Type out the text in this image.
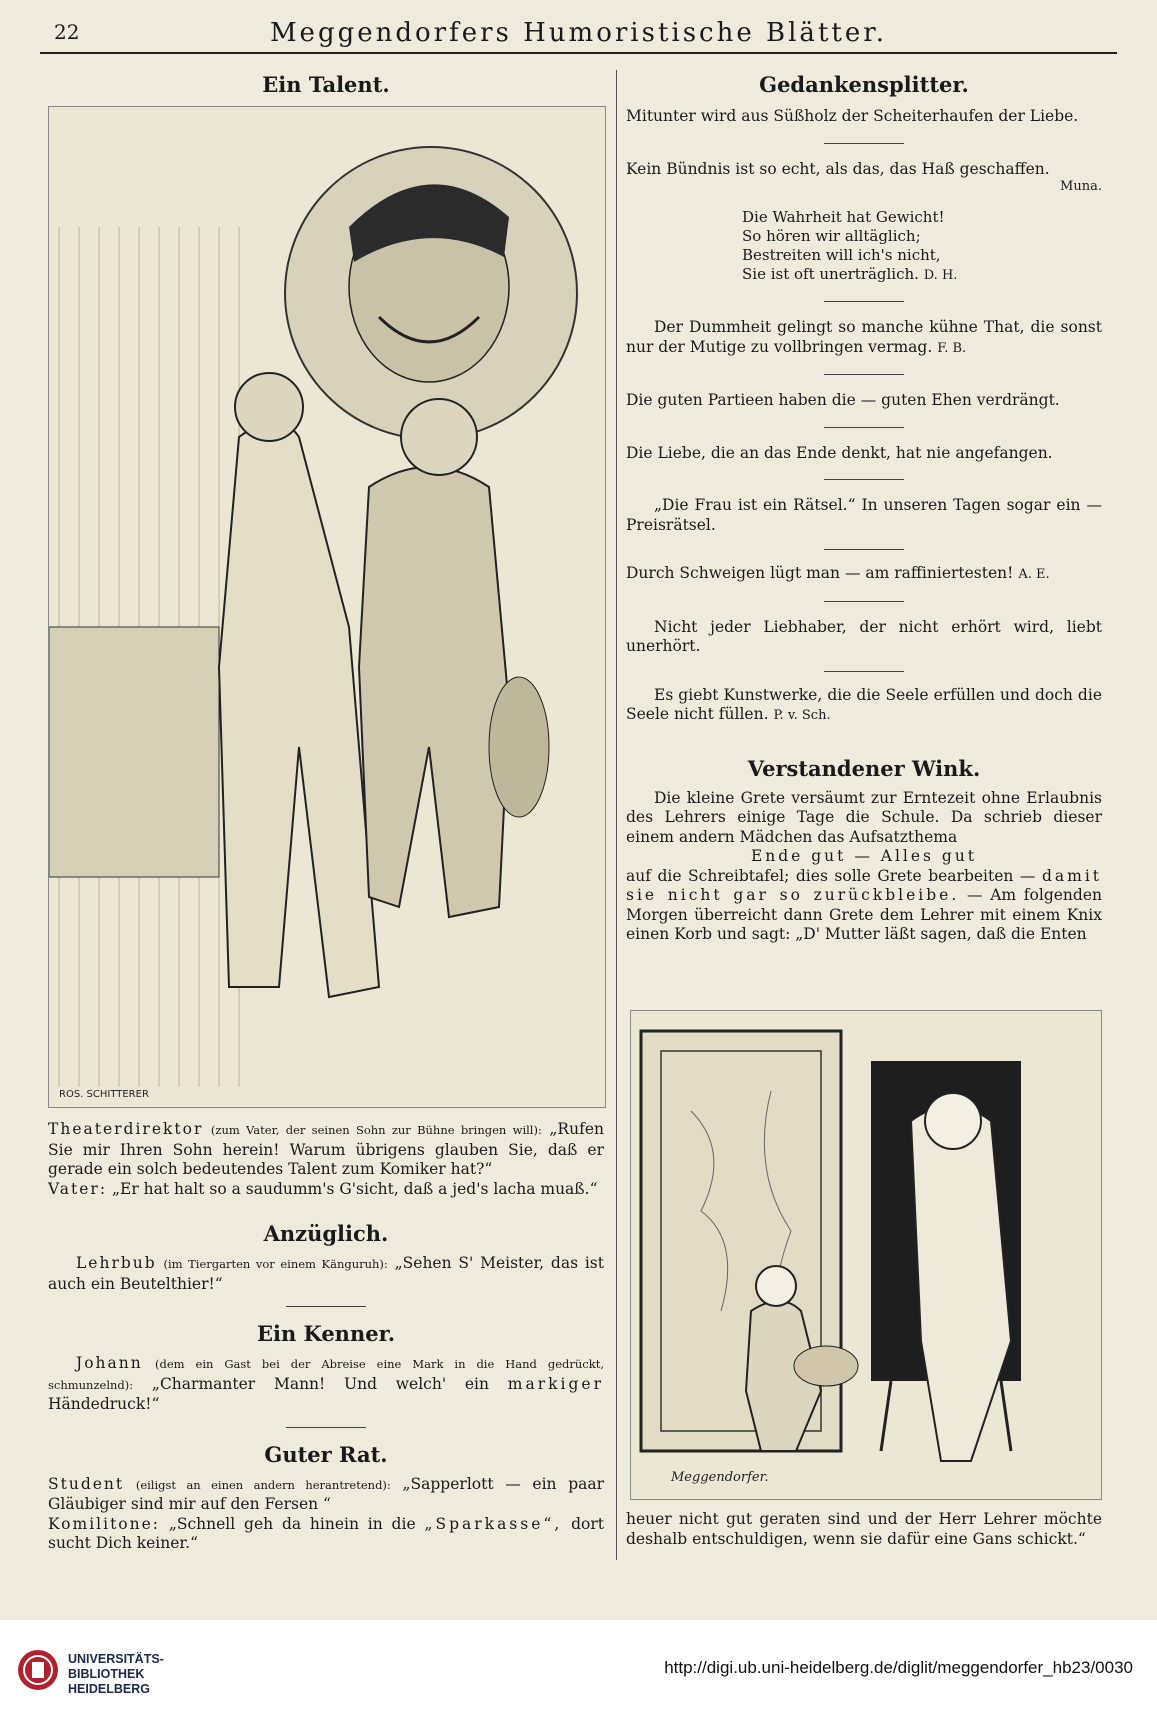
22	Meggendorfers Humoristische Blätter.
Ein Talent.
ROS. SCHITTERER

Theaterdirektor (zum Vater, der seinen Sohn zur Bühne bringen will): „Rufen Sie mir Ihren Sohn herein! Warum übrigens glauben Sie, daß er gerade ein solch bedeutendes Talent zum Komiker hat?“

Vater: „Er hat halt so a saudumm's G'sicht, daß a jed's lacha muaß.“

Anzüglich.

Lehrbub (im Tiergarten vor einem Känguruh): „Sehen S' Meister, das ist auch ein Beutelthier!“

Ein Kenner.

Johann (dem ein Gast bei der Abreise eine Mark in die Hand gedrückt, schmunzelnd): „Charmanter Mann! Und welch' ein markiger Händedruck!“

Guter Rat.

Student (eiligst an einen andern herantretend): „Sapperlott — ein paar Gläubiger sind mir auf den Fersen “

Komilitone: „Schnell geh da hinein in die „Sparkasse“, dort sucht Dich keiner.“

Gedankensplitter.

Mitunter wird aus Süßholz der Scheiterhaufen der Liebe.

Kein Bündnis ist so echt, als das, das Haß geschaffen.

Muna.
Die Wahrheit hat Gewicht!
So hören wir alltäglich;
Bestreiten will ich's nicht,
Sie ist oft unerträglich. D. H.

Der Dummheit gelingt so manche kühne That, die sonst nur der Mutige zu vollbringen vermag. F. B.

Die guten Partieen haben die — guten Ehen verdrängt.

Die Liebe, die an das Ende denkt, hat nie angefangen.

„Die Frau ist ein Rätsel.“ In unseren Tagen sogar ein — Preisrätsel.

Durch Schweigen lügt man — am raffiniertesten! A. E.

Nicht jeder Liebhaber, der nicht erhört wird, liebt unerhört.

Es giebt Kunstwerke, die die Seele erfüllen und doch die Seele nicht füllen. P. v. Sch.

Verstandener Wink.

Die kleine Grete versäumt zur Erntezeit ohne Erlaubnis des Lehrers einige Tage die Schule. Da schrieb dieser einem andern Mädchen das Aufsatzthema

Ende gut — Alles gut

auf die Schreibtafel; dies solle Grete bearbeiten — damit sie nicht gar so zurückbleibe. — Am folgenden Morgen überreicht dann Grete dem Lehrer mit einem Knix einen Korb und sagt: „D' Mutter läßt sagen, daß die Enten

Meggendorfer.

heuer nicht gut geraten sind und der Herr Lehrer möchte deshalb entschuldigen, wenn sie dafür eine Gans schickt.“

UNIVERSITÄTS-
BIBLIOTHEK
HEIDELBERG
http://digi.ub.uni-heidelberg.de/diglit/meggendorfer_hb23/0030
